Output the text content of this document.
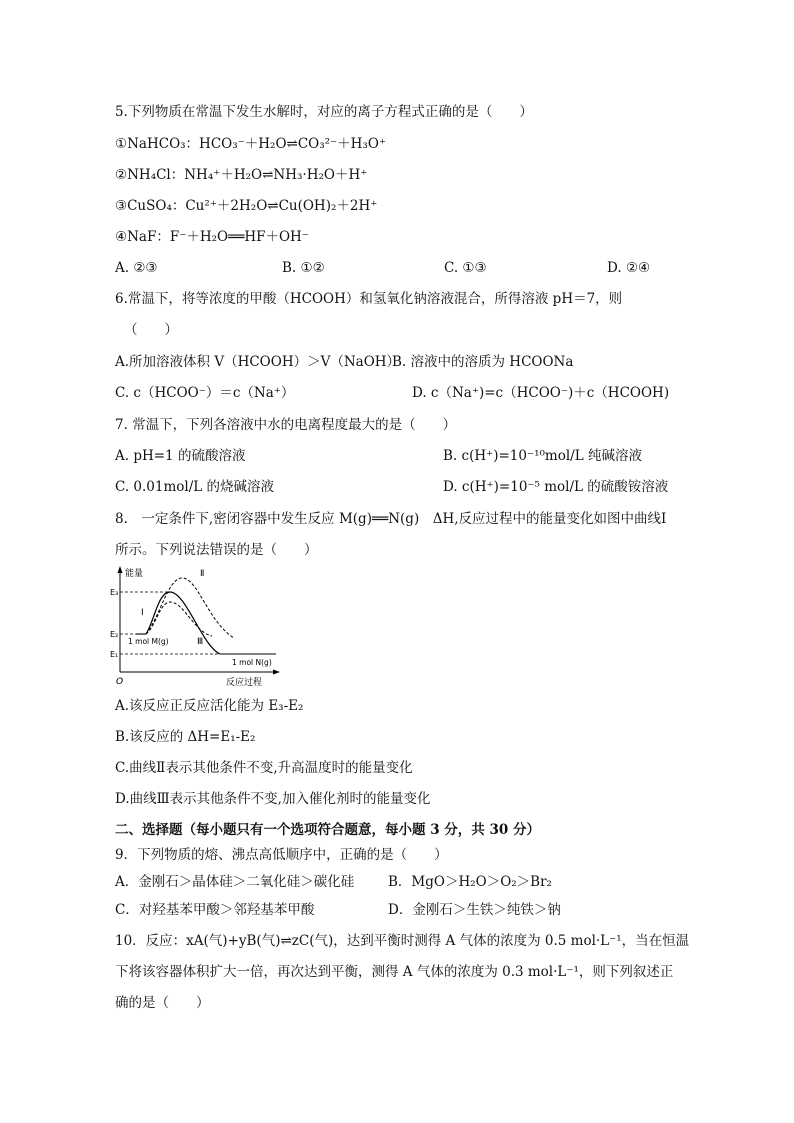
5.下列物质在常温下发生水解时，对应的离子方程式正确的是（　　）
①NaHCO₃：HCO₃⁻＋H₂O⇌CO₃²⁻＋H₃O⁺
②NH₄Cl：NH₄⁺＋H₂O⇌NH₃·H₂O＋H⁺
③CuSO₄：Cu²⁺＋2H₂O⇌Cu(OH)₂＋2H⁺
④NaF：F⁻＋H₂O══HF＋OH⁻
A. ②③	B. ①②	C. ①③	D. ②④
6.常温下，将等浓度的甲酸（HCOOH）和氢氧化钠溶液混合，所得溶液 pH＝7，则
（　　）
A.所加溶液体积 V（HCOOH）＞V（NaOH）
B. 溶液中的溶质为 HCOONa
C. c（HCOO⁻）＝c（Na⁺）	D. c（Na⁺)=c（HCOO⁻)＋c（HCOOH)
7. 常温下，下列各溶液中水的电离程度最大的是（　　）
A. pH=1 的硫酸溶液	B. c(H⁺)=10⁻¹⁰mol/L 纯碱溶液
C. 0.01mol/L 的烧碱溶液	D. c(H⁺)=10⁻⁵ mol/L 的硫酸铵溶液
8.　一定条件下,密闭容器中发生反应 M(g)══N(g)　ΔH,反应过程中的能量变化如图中曲线Ⅰ
所示。下列说法错误的是（　　）
能量
反应过程
O
E₃
E₂
E₁
Ⅰ
Ⅱ
Ⅲ
1 mol M(g)
1 mol N(g)
A.该反应正反应活化能为 E₃-E₂
B.该反应的 ΔH=E₁-E₂
C.曲线Ⅱ表示其他条件不变,升高温度时的能量变化
D.曲线Ⅲ表示其他条件不变,加入催化剂时的能量变化
二、选择题（每小题只有一个选项符合题意，每小题 3 分，共 30 分）
9．下列物质的熔、沸点高低顺序中，正确的是（　　）
A．金刚石＞晶体硅＞二氧化硅＞碳化硅	B．MgO＞H₂O＞O₂＞Br₂
C．对羟基苯甲酸＞邻羟基苯甲酸	D．金刚石＞生铁＞纯铁＞钠
10．反应：xA(气)+yB(气)⇌zC(气)，达到平衡时测得 A 气体的浓度为 0.5 mol·L⁻¹，当在恒温
下将该容器体积扩大一倍，再次达到平衡，测得 A 气体的浓度为 0.3 mol·L⁻¹，则下列叙述正
确的是（　　）
